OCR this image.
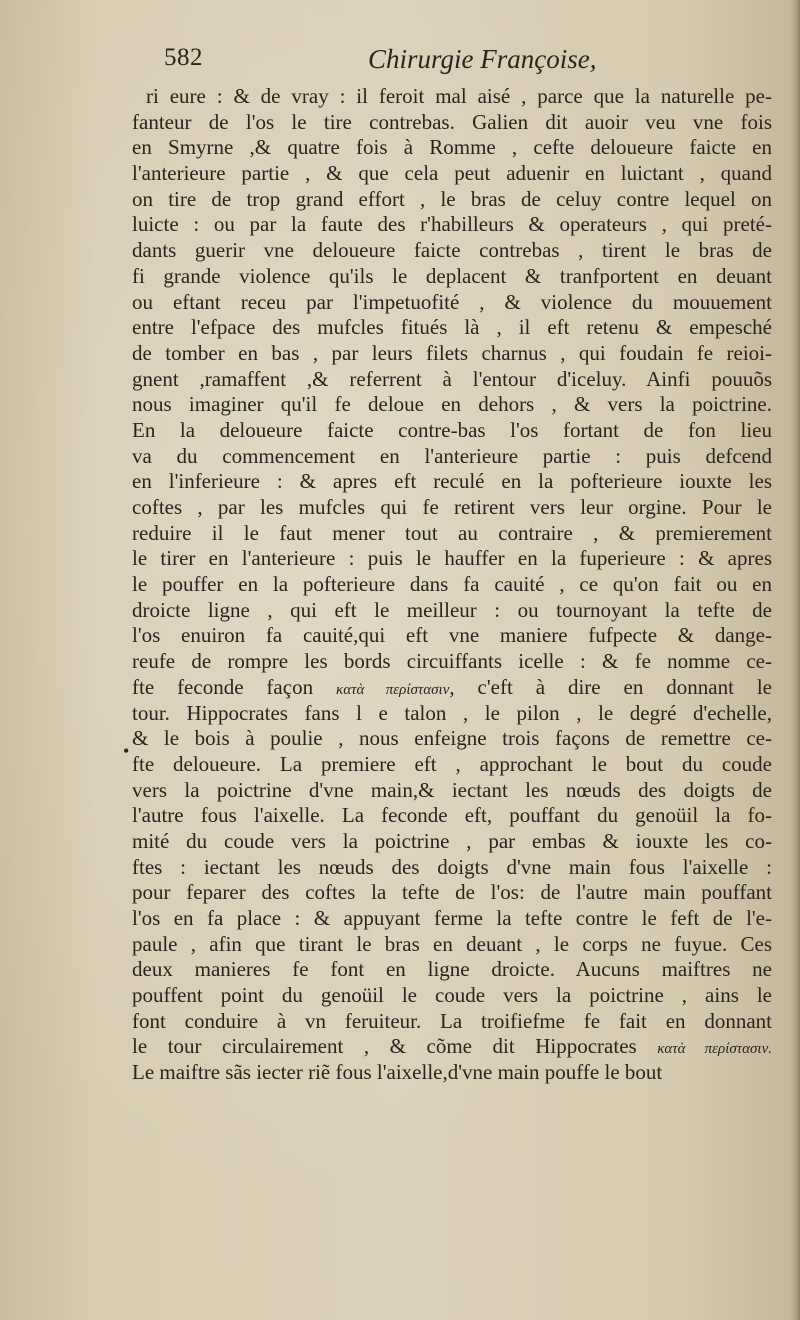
582	Chirurgie Françoise,
•
ri eure : & de vray : il feroit mal aisé , parce que la naturelle pe-
fanteur de l'os le tire contrebas. Galien dit auoir veu vne fois
en Smyrne ,& quatre fois à Romme , cefte deloueure faicte en
l'anterieure partie , & que cela peut aduenir en luictant , quand
on tire de trop grand effort , le bras de celuy contre lequel on
luicte : ou par la faute des r'habilleurs & operateurs , qui preté-
dants guerir vne deloueure faicte contrebas , tirent le bras de
fi grande violence qu'ils le deplacent & tranfportent en deuant
ou eftant receu par l'impetuofité , & violence du mouuement
entre l'efpace des mufcles fitués là , il eft retenu & empesché
de tomber en bas , par leurs filets charnus , qui foudain fe reioi-
gnent ,ramaffent ,& referrent à l'entour d'iceluy. Ainfi pouuõs
nous imaginer qu'il fe deloue en dehors , & vers la poictrine.
En la deloueure faicte contre-bas l'os fortant de fon lieu
va du commencement en l'anterieure partie : puis defcend
en l'inferieure : & apres eft reculé en la pofterieure iouxte les
coftes , par les mufcles qui fe retirent vers leur orgine. Pour le
reduire il le faut mener tout au contraire , & premierement
le tirer en l'anterieure : puis le hauffer en la fuperieure : & apres
le pouffer en la pofterieure dans fa cauité , ce qu'on fait ou en
droicte ligne , qui eft le meilleur : ou tournoyant la tefte de
l'os enuiron fa cauité,qui eft vne maniere fufpecte & dange-
reufe de rompre les bords circuiffants icelle : & fe nomme ce-
fte feconde façon κατὰ περίστασιν, c'eft à dire en donnant le
tour. Hippocrates fans l e talon , le pilon , le degré d'echelle,
& le bois à poulie , nous enfeigne trois façons de remettre ce-
fte deloueure. La premiere eft , approchant le bout du coude
vers la poictrine d'vne main,& iectant les nœuds des doigts de
l'autre fous l'aixelle. La feconde eft, pouffant du genoüil la fo-
mité du coude vers la poictrine , par embas & iouxte les co-
ftes : iectant les nœuds des doigts d'vne main fous l'aixelle :
pour feparer des coftes la tefte de l'os: de l'autre main pouffant
l'os en fa place : & appuyant ferme la tefte contre le feft de l'e-
paule , afin que tirant le bras en deuant , le corps ne fuyue. Ces
deux manieres fe font en ligne droicte. Aucuns maiftres ne
pouffent point du genoüil le coude vers la poictrine , ains le
font conduire à vn feruiteur. La troifiefme fe fait en donnant
le tour circulairement , & cõme dit Hippocrates κατὰ περίστασιν.
Le maiftre sãs iecter riẽ fous l'aixelle,d'vne main pouffe le bout
